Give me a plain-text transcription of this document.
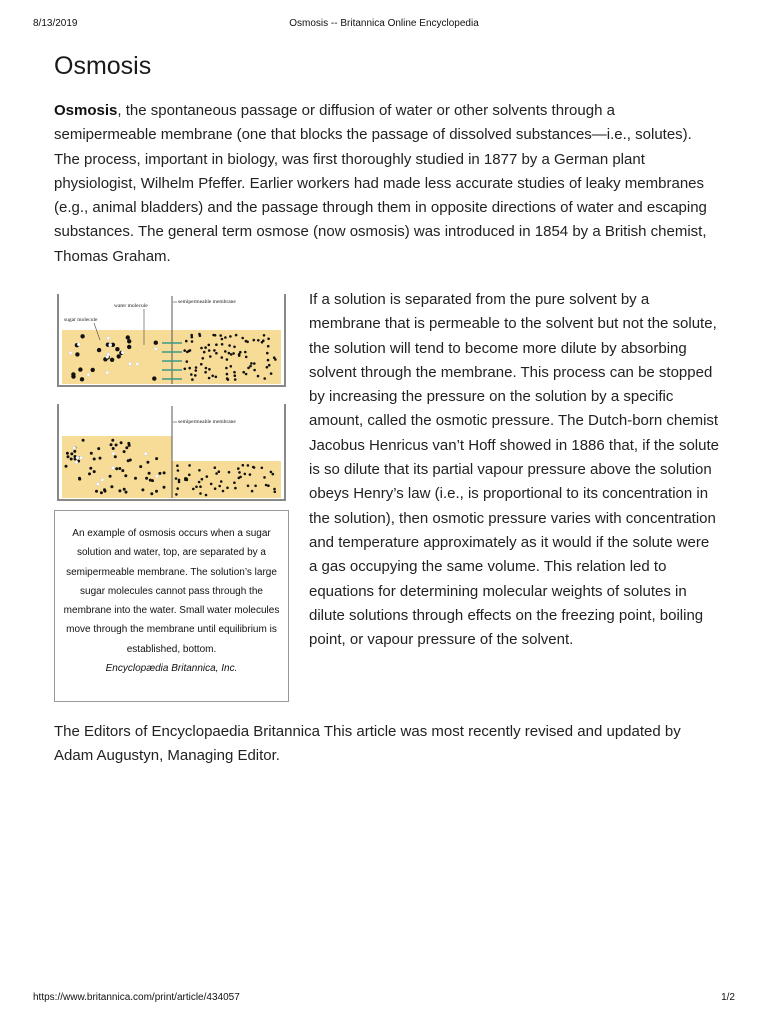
8/13/2019	Osmosis -- Britannica Online Encyclopedia
Osmosis

Osmosis, the spontaneous passage or diffusion of water or other solvents through a semipermeable membrane (one that blocks the passage of dissolved substances—i.e., solutes). The process, important in biology, was first thoroughly studied in 1877 by a German plant physiologist, Wilhelm Pfeffer. Earlier workers had made less accurate studies of leaky membranes (e.g., animal bladders) and the passage through them in opposite directions of water and escaping substances. The general term osmose (now osmosis) was introduced in 1854 by a British chemist, Thomas Graham.

water molecule
sugar molecule
semipermeable membrane
semipermeable membrane
An example of osmosis occurs when a sugar solution and water, top, are separated by a semipermeable membrane. The solution’s large sugar molecules cannot pass through the membrane into the water. Small water molecules move through the membrane until equilibrium is established, bottom.
Encyclopædia Britannica, Inc.

If a solution is separated from the pure solvent by a membrane that is permeable to the solvent but not the solute, the solution will tend to become more dilute by absorbing solvent through the membrane. This process can be stopped by increasing the pressure on the solution by a specific amount, called the osmotic pressure. The Dutch-born chemist Jacobus Henricus van’t Hoff showed in 1886 that, if the solute is so dilute that its partial vapour pressure above the solution obeys Henry’s law (i.e., is proportional to its concentration in the solution), then osmotic pressure varies with concentration and temperature approximately as it would if the solute were a gas occupying the same volume. This relation led to equations for determining molecular weights of solutes in dilute solutions through effects on the freezing point, boiling point, or vapour pressure of the solvent.

The Editors of Encyclopaedia Britannica This article was most recently revised and updated by Adam Augustyn, Managing Editor.

https://www.britannica.com/print/article/434057	1/2
